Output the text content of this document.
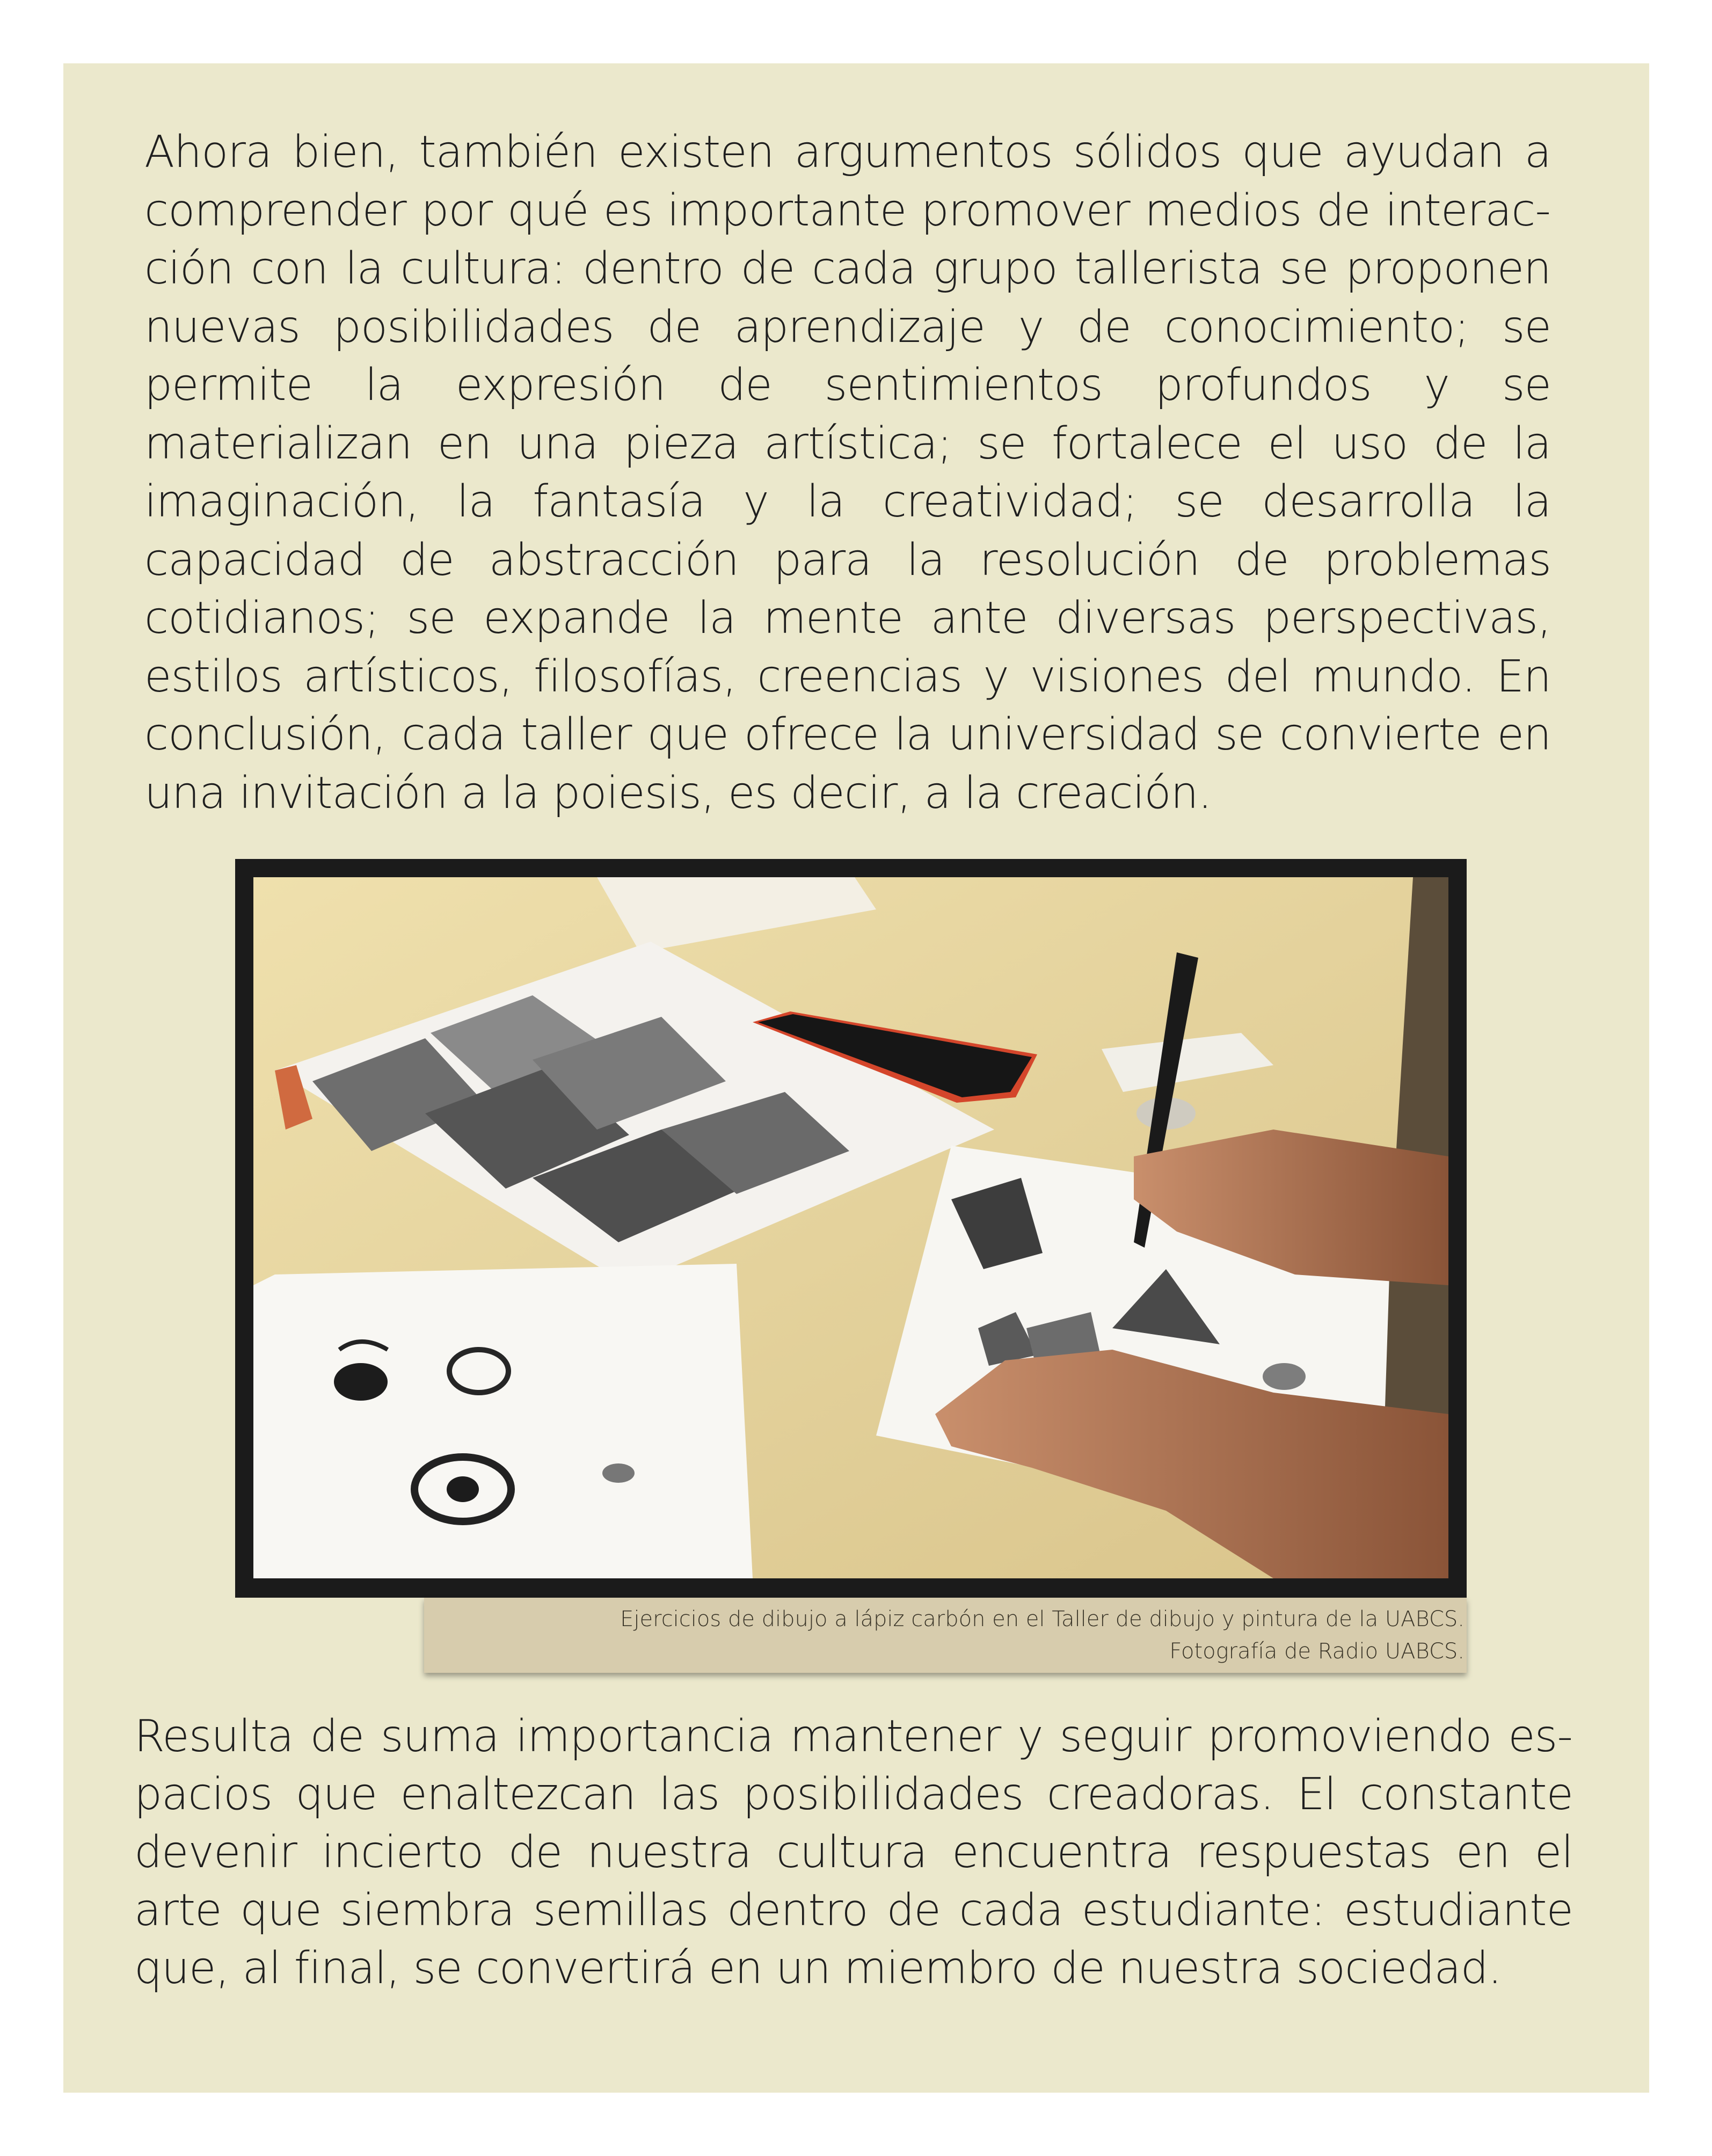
Ahora bien, también existen argumentos sólidos que ayudan a comprender por qué es importante promover medios de interacción con la cultura: dentro de cada grupo tallerista se proponen nuevas posibilidades de aprendizaje y de conocimiento; se permite la expresión de sentimientos profundos y se materializan en una pieza artística; se fortalece el uso de la imaginación, la fantasía y la creatividad; se desarrolla la capacidad de abstracción para la resolución de problemas cotidianos; se expande la mente ante diversas perspectivas, estilos artísticos, filosofías, creencias y visiones del mundo. En conclusión, cada taller que ofrece la universidad se convierte en una invitación a la poiesis, es decir, a la creación.

Ejercicios de dibujo a lápiz carbón en el Taller de dibujo y pintura de la UABCS.
Fotografía de Radio UABCS.

Resulta de suma importancia mantener y seguir promoviendo espacios que enaltezcan las posibilidades creadoras. El constante devenir incierto de nuestra cultura encuentra respuestas en el arte que siembra semillas dentro de cada estudiante: estudiante que, al final, se convertirá en un miembro de nuestra sociedad.
